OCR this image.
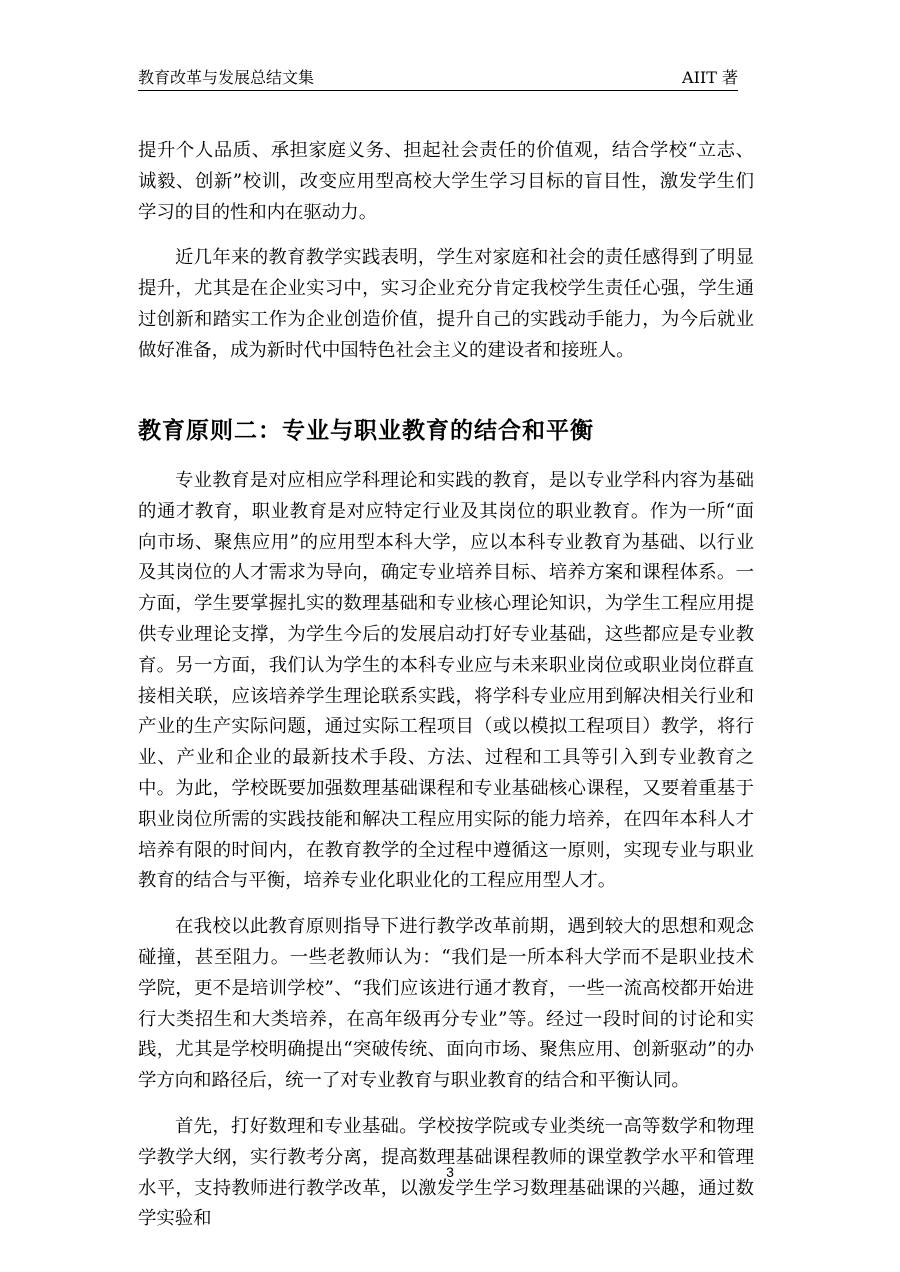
教育改革与发展总结文集	AIIT 著

提升个人品质、承担家庭义务、担起社会责任的价值观，结合学校“立志、诚毅、创新”校训，改变应用型高校大学生学习目标的盲目性，激发学生们学习的目的性和内在驱动力。

近几年来的教育教学实践表明，学生对家庭和社会的责任感得到了明显提升，尤其是在企业实习中，实习企业充分肯定我校学生责任心强，学生通过创新和踏实工作为企业创造价值，提升自己的实践动手能力，为今后就业做好准备，成为新时代中国特色社会主义的建设者和接班人。

教育原则二：专业与职业教育的结合和平衡

专业教育是对应相应学科理论和实践的教育，是以专业学科内容为基础的通才教育，职业教育是对应特定行业及其岗位的职业教育。作为一所“面向市场、聚焦应用”的应用型本科大学，应以本科专业教育为基础、以行业及其岗位的人才需求为导向，确定专业培养目标、培养方案和课程体系。一方面，学生要掌握扎实的数理基础和专业核心理论知识，为学生工程应用提供专业理论支撑，为学生今后的发展启动打好专业基础，这些都应是专业教育。另一方面，我们认为学生的本科专业应与未来职业岗位或职业岗位群直接相关联，应该培养学生理论联系实践，将学科专业应用到解决相关行业和产业的生产实际问题，通过实际工程项目（或以模拟工程项目）教学，将行业、产业和企业的最新技术手段、方法、过程和工具等引入到专业教育之中。为此，学校既要加强数理基础课程和专业基础核心课程，又要着重基于职业岗位所需的实践技能和解决工程应用实际的能力培养，在四年本科人才培养有限的时间内，在教育教学的全过程中遵循这一原则，实现专业与职业教育的结合与平衡，培养专业化职业化的工程应用型人才。

在我校以此教育原则指导下进行教学改革前期，遇到较大的思想和观念碰撞，甚至阻力。一些老教师认为：“我们是一所本科大学而不是职业技术学院，更不是培训学校”、“我们应该进行通才教育，一些一流高校都开始进行大类招生和大类培养，在高年级再分专业”等。经过一段时间的讨论和实践，尤其是学校明确提出“突破传统、面向市场、聚焦应用、创新驱动”的办学方向和路径后，统一了对专业教育与职业教育的结合和平衡认同。

首先，打好数理和专业基础。学校按学院或专业类统一高等数学和物理学教学大纲，实行教考分离，提高数理基础课程教师的课堂教学水平和管理水平，支持教师进行教学改革，以激发学生学习数理基础课的兴趣，通过数学实验和

3
